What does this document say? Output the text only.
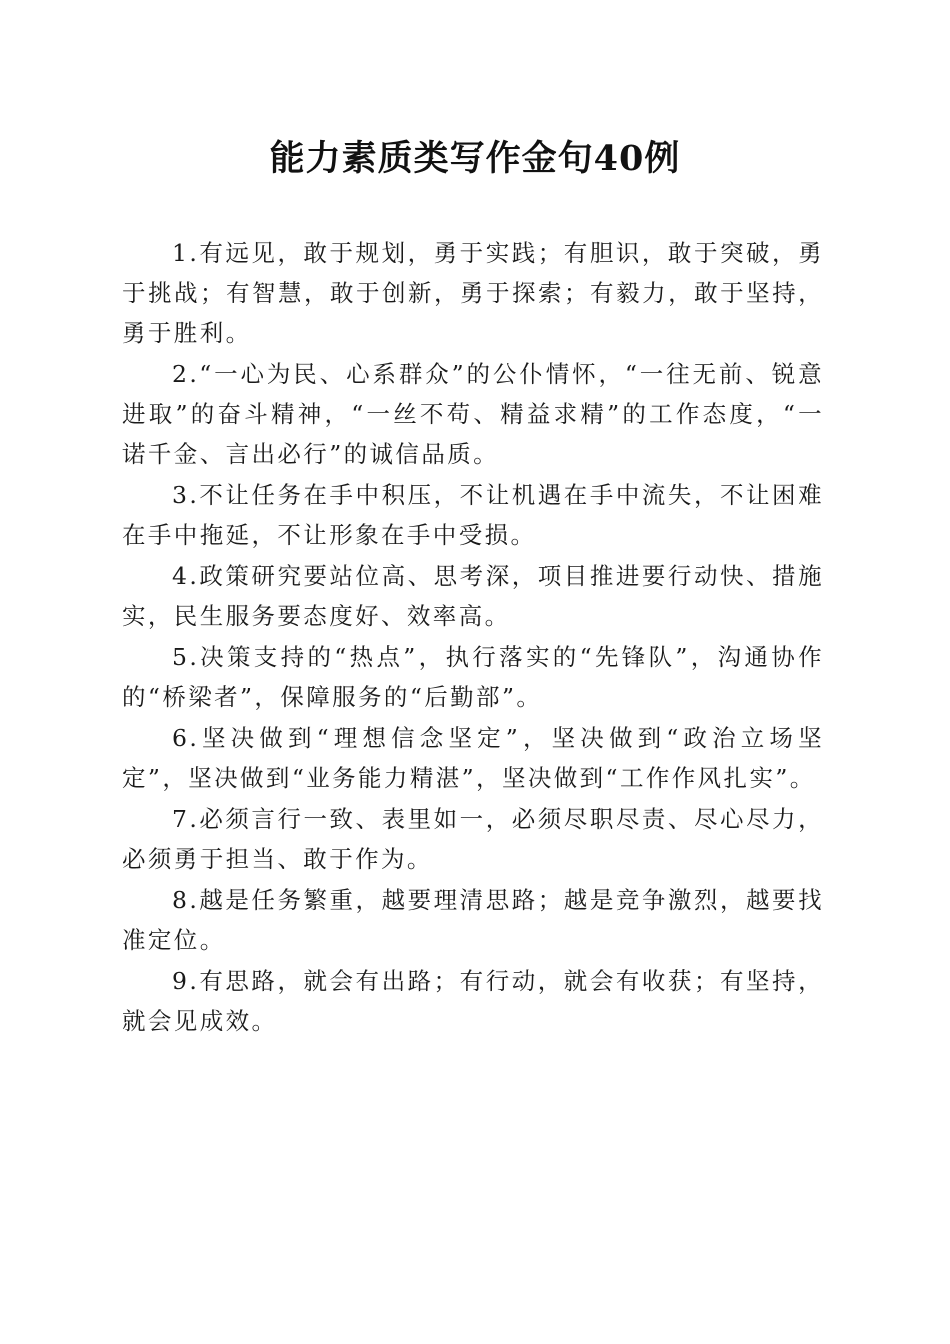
能力素质类写作金句40例

1.有远见，敢于规划，勇于实践；有胆识，敢于突破，勇于挑战；有智慧，敢于创新，勇于探索；有毅力，敢于坚持，勇于胜利。

2.“一心为民、心系群众”的公仆情怀，“一往无前、锐意进取”的奋斗精神，“一丝不苟、精益求精”的工作态度，“一诺千金、言出必行”的诚信品质。

3.不让任务在手中积压，不让机遇在手中流失，不让困难在手中拖延，不让形象在手中受损。

4.政策研究要站位高、思考深，项目推进要行动快、措施实，民生服务要态度好、效率高。

5.决策支持的“热点”，执行落实的“先锋队”，沟通协作的“桥梁者”，保障服务的“后勤部”。

6.坚决做到“理想信念坚定”，坚决做到“政治立场坚定”，坚决做到“业务能力精湛”，坚决做到“工作作风扎实”。

7.必须言行一致、表里如一，必须尽职尽责、尽心尽力，必须勇于担当、敢于作为。

8.越是任务繁重，越要理清思路；越是竞争激烈，越要找准定位。

9.有思路，就会有出路；有行动，就会有收获；有坚持，就会见成效。
